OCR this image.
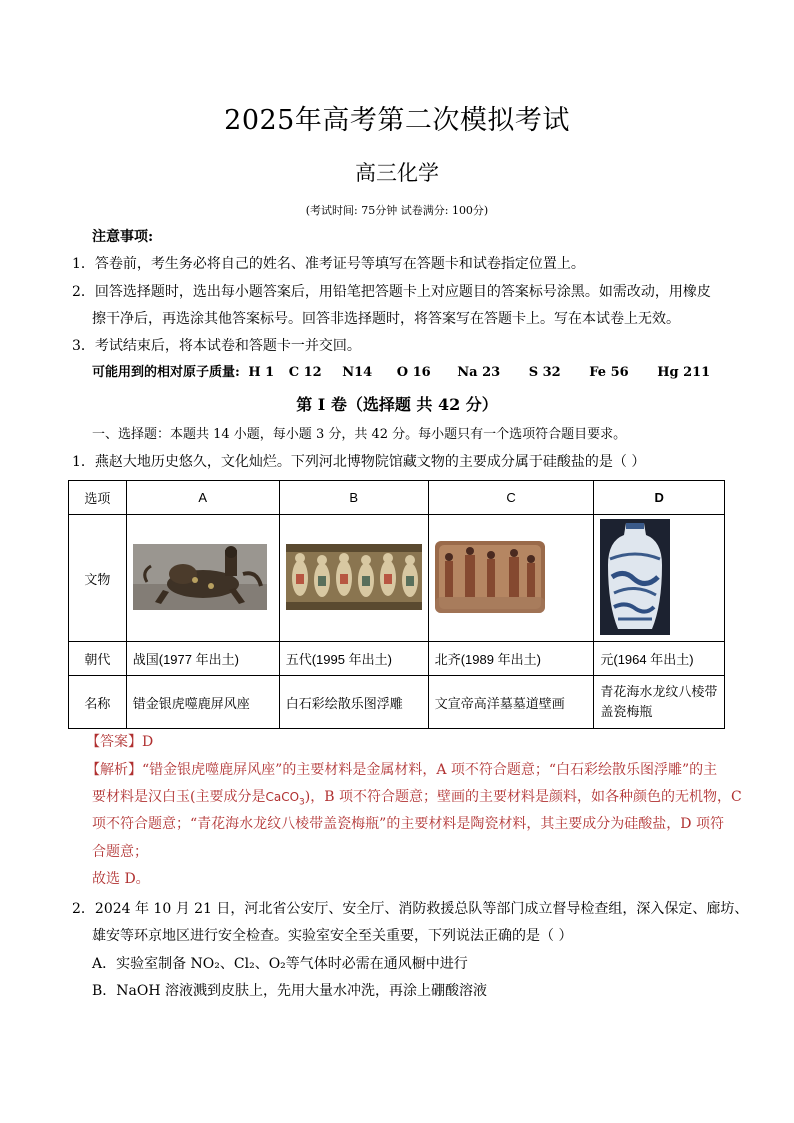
2025年高考第二次模拟考试
高三化学
(考试时间: 75分钟 试卷满分: 100分)
注意事项:
1．答卷前，考生务必将自己的姓名、准考证号等填写在答题卡和试卷指定位置上。
2．回答选择题时，选出每小题答案后，用铅笔把答题卡上对应题目的答案标号涂黑。如需改动，用橡皮
擦干净后，再选涂其他答案标号。回答非选择题时，将答案写在答题卡上。写在本试卷上无效。
3．考试结束后，将本试卷和答题卡一并交回。
可能用到的相对原子质量: H 1 C 12 N14 O 16 Na 23 S 32 Fe 56 Hg 211
第 I 卷（选择题 共 42 分）
一、选择题：本题共 14 小题，每小题 3 分，共 42 分。每小题只有一个选项符合题目要求。
1．燕赵大地历史悠久，文化灿烂。下列河北博物院馆藏文物的主要成分属于硅酸盐的是（ ）
选项	A	B	C	D
文物				
朝代	战国(1977 年出土)	五代(1995 年出土)	北齐(1989 年出土)	元(1964 年出土)
名称	错金银虎噬鹿屏风座	白石彩绘散乐图浮雕	文宣帝高洋墓墓道壁画	青花海水龙纹八棱带盖瓷梅瓶
【答案】D
【解析】“错金银虎噬鹿屏风座”的主要材料是金属材料，A 项不符合题意；“白石彩绘散乐图浮雕”的主
要材料是汉白玉(主要成分是CaCO$_3$)，B 项不符合题意；壁画的主要材料是颜料，如各种颜色的无机物，C
项不符合题意；“青花海水龙纹八棱带盖瓷梅瓶”的主要材料是陶瓷材料，其主要成分为硅酸盐，D 项符
合题意；
故选 D。
2．2024 年 10 月 21 日，河北省公安厅、安全厅、消防救援总队等部门成立督导检查组，深入保定、廊坊、
雄安等环京地区进行安全检查。实验室安全至关重要，下列说法正确的是（ ）
A．实验室制备 NO₂、Cl₂、O₂等气体时必需在通风橱中进行
B．NaOH 溶液溅到皮肤上，先用大量水冲洗，再涂上硼酸溶液
